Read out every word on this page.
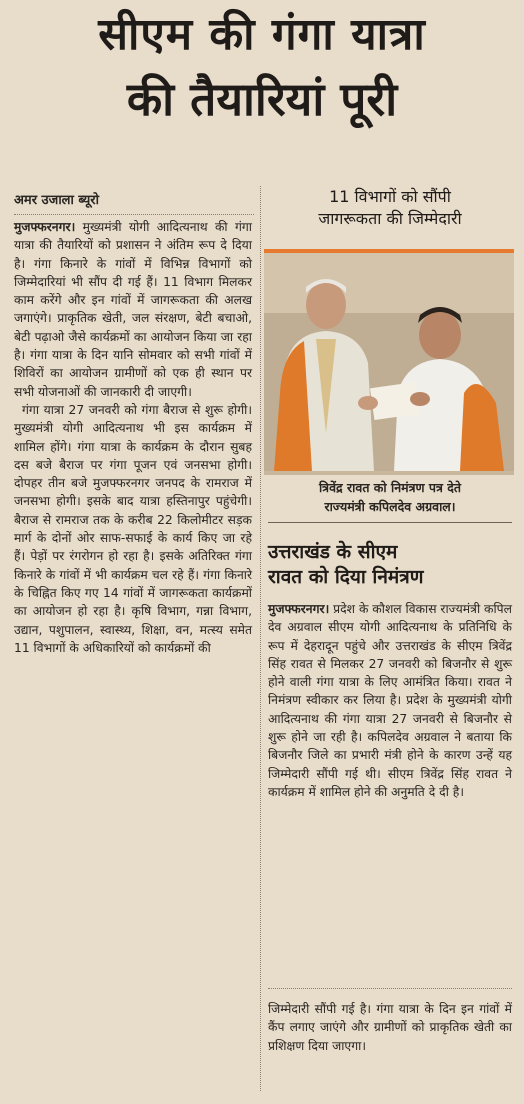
सीएम की गंगा यात्रा
की तैयारियां पूरी
अमर उजाला ब्यूरो

मुजफ्फरनगर। मुख्यमंत्री योगी आदित्यनाथ की गंगा यात्रा की तैयारियों को प्रशासन ने अंतिम रूप दे दिया है। गंगा किनारे के गांवों में विभिन्न विभागों को जिम्मेदारियां भी सौंप दी गई हैं। 11 विभाग मिलकर काम करेंगे और इन गांवों में जागरूकता की अलख जगाएंगे। प्राकृतिक खेती, जल संरक्षण, बेटी बचाओ, बेटी पढ़ाओ जैसे कार्यक्रमों का आयोजन किया जा रहा है। गंगा यात्रा के दिन यानि सोमवार को सभी गांवों में शिविरों का आयोजन ग्रामीणों को एक ही स्थान पर सभी योजनाओं की जानकारी दी जाएगी।

गंगा यात्रा 27 जनवरी को गंगा बैराज से शुरू होगी। मुख्यमंत्री योगी आदित्यनाथ भी इस कार्यक्रम में शामिल होंगे। गंगा यात्रा के कार्यक्रम के दौरान सुबह दस बजे बैराज पर गंगा पूजन एवं जनसभा होगी। दोपहर तीन बजे मुजफ्फरनगर जनपद के रामराज में जनसभा होगी। इसके बाद यात्रा हस्तिनापुर पहुंचेगी। बैराज से रामराज तक के करीब 22 किलोमीटर सड़क मार्ग के दोनों ओर साफ-सफाई के कार्य किए जा रहे हैं। पेड़ों पर रंगरोगन हो रहा है। इसके अतिरिक्त गंगा किनारे के गांवों में भी कार्यक्रम चल रहे हैं। गंगा किनारे के चिह्नित किए गए 14 गांवों में जागरूकता कार्यक्रमों का आयोजन हो रहा है। कृषि विभाग, गन्ना विभाग, उद्यान, पशुपालन, स्वास्थ्य, शिक्षा, वन, मत्स्य समेत 11 विभागों के अधिकारियों को कार्यक्रमों की

11 विभागों को सौंपी
जागरूकता की जिम्मेदारी
त्रिवेंद्र रावत को निमंत्रण पत्र देते
राज्यमंत्री कपिलदेव अग्रवाल।
उत्तराखंड के सीएम
रावत को दिया निमंत्रण

मुजफ्फरनगर। प्रदेश के कौशल विकास राज्यमंत्री कपिल देव अग्रवाल सीएम योगी आदित्यनाथ के प्रतिनिधि के रूप में देहरादून पहुंचे और उत्तराखंड के सीएम त्रिवेंद्र सिंह रावत से मिलकर 27 जनवरी को बिजनौर से शुरू होने वाली गंगा यात्रा के लिए आमंत्रित किया। रावत ने निमंत्रण स्वीकार कर लिया है। प्रदेश के मुख्यमंत्री योगी आदित्यनाथ की गंगा यात्रा 27 जनवरी से बिजनौर से शुरू होने जा रही है। कपिलदेव अग्रवाल ने बताया कि बिजनौर जिले का प्रभारी मंत्री होने के कारण उन्हें यह जिम्मेदारी सौंपी गई थी। सीएम त्रिवेंद्र सिंह रावत ने कार्यक्रम में शामिल होने की अनुमति दे दी है।

जिम्मेदारी सौंपी गई है। गंगा यात्रा के दिन इन गांवों में कैंप लगाए जाएंगे और ग्रामीणों को प्राकृतिक खेती का प्रशिक्षण दिया जाएगा।
